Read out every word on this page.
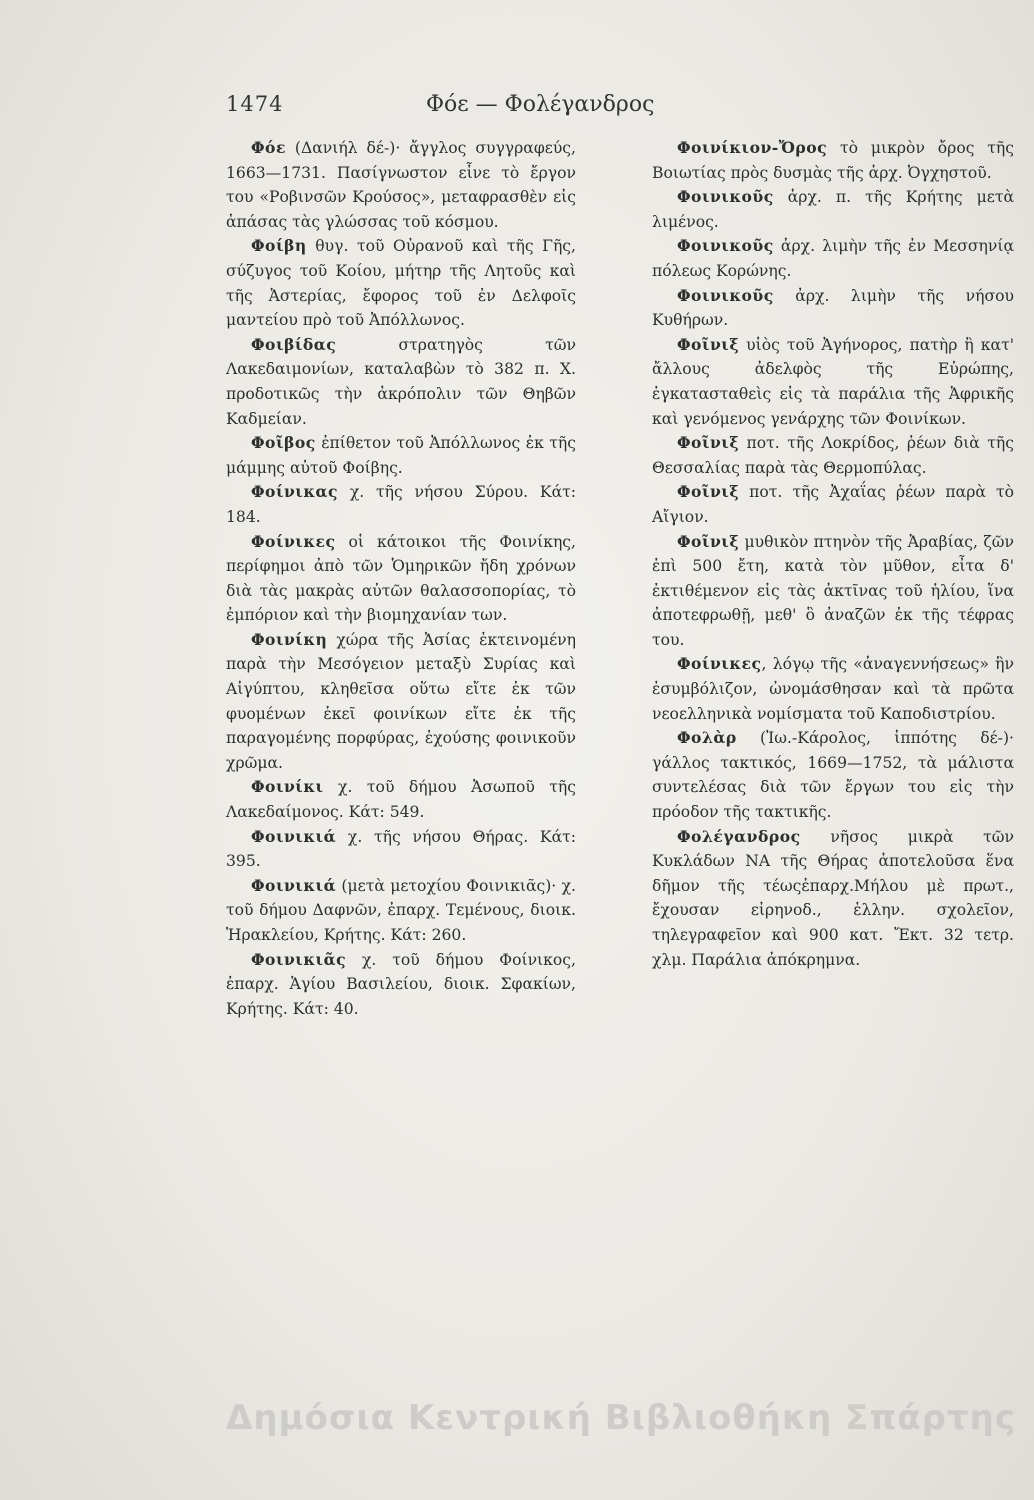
1474	Φόε — Φολέγανδρος

Φόε (Δανιήλ δέ-)· ἄγγλος συγγραφεύς, 1663—1731. Πασίγνωστον εἶνε τὸ ἔργον του «Ροβινσῶν Κρούσος», μεταφρασθὲν εἰς ἁπάσας τὰς γλώσσας τοῦ κόσμου.

Φοίβη θυγ. τοῦ Οὐρανοῦ καὶ τῆς Γῆς, σύζυγος τοῦ Κοίου, μήτηρ τῆς Λητοῦς καὶ τῆς Ἀστερίας, ἔφορος τοῦ ἐν Δελφοῖς μαντείου πρὸ τοῦ Ἀπόλλωνος.

Φοιβίδας στρατηγὸς τῶν Λακεδαιμονίων, καταλαβὼν τὸ 382 π. Χ. προδοτικῶς τὴν ἀκρόπολιν τῶν Θηβῶν Καδμείαν.

Φοῖβος ἐπίθετον τοῦ Ἀπόλλωνος ἐκ τῆς μάμμης αὐτοῦ Φοίβης.

Φοίνικας χ. τῆς νήσου Σύρου. Κάτ: 184.

Φοίνικες οἱ κάτοικοι τῆς Φοινίκης, περίφημοι ἀπὸ τῶν Ὁμηρικῶν ἤδη χρόνων διὰ τὰς μακρὰς αὐτῶν θαλασσοπορίας, τὸ ἐμπόριον καὶ τὴν βιομηχανίαν των.

Φοινίκη χώρα τῆς Ἀσίας ἐκτεινομένη παρὰ τὴν Μεσόγειον μεταξὺ Συρίας καὶ Αἰγύπτου, κληθεῖσα οὕτω εἴτε ἐκ τῶν φυομένων ἐκεῖ φοινίκων εἴτε ἐκ τῆς παραγομένης πορφύρας, ἐχούσης φοινικοῦν χρῶμα.

Φοινίκι χ. τοῦ δήμου Ἀσωποῦ τῆς Λακεδαίμονος. Κάτ: 549.

Φοινικιά χ. τῆς νήσου Θήρας. Κάτ: 395.

Φοινικιά (μετὰ μετοχίου Φοινικιᾶς)· χ. τοῦ δήμου Δαφνῶν, ἐπαρχ. Τεμένους, διοικ. Ἡρακλείου, Κρήτης. Κάτ: 260.

Φοινικιᾶς χ. τοῦ δήμου Φοίνικος, ἐπαρχ. Ἁγίου Βασιλείου, διοικ. Σφακίων, Κρήτης. Κάτ: 40.

Φοινίκιον-Ὄρος τὸ μικρὸν ὄρος τῆς Βοιωτίας πρὸς δυσμὰς τῆς ἀρχ. Ὀγχηστοῦ.

Φοινικοῦς ἀρχ. π. τῆς Κρήτης μετὰ λιμένος.

Φοινικοῦς ἀρχ. λιμὴν τῆς ἐν Μεσσηνίᾳ πόλεως Κορώνης.

Φοινικοῦς ἀρχ. λιμὴν τῆς νήσου Κυθήρων.

Φοῖνιξ υἱὸς τοῦ Ἀγήνορος, πατὴρ ἢ κατ' ἄλλους ἀδελφὸς τῆς Εὐρώπης, ἐγκατασταθεὶς εἰς τὰ παράλια τῆς Ἀφρικῆς καὶ γενόμενος γενάρχης τῶν Φοινίκων.

Φοῖνιξ ποτ. τῆς Λοκρίδος, ῥέων διὰ τῆς Θεσσαλίας παρὰ τὰς Θερμοπύλας.

Φοῖνιξ ποτ. τῆς Ἀχαΐας ῥέων παρὰ τὸ Αἴγιον.

Φοῖνιξ μυθικὸν πτηνὸν τῆς Ἀραβίας, ζῶν ἐπὶ 500 ἔτη, κατὰ τὸν μῦθον, εἶτα δ' ἐκτιθέμενον εἰς τὰς ἀκτῖνας τοῦ ἡλίου, ἵνα ἀποτεφρωθῇ, μεθ' ὃ ἀναζῶν ἐκ τῆς τέφρας του.

Φοίνικες, λόγῳ τῆς «ἀναγεννήσεως» ἣν ἐσυμβόλιζον, ὠνομάσθησαν καὶ τὰ πρῶτα νεοελληνικὰ νομίσματα τοῦ Καποδιστρίου.

Φολὰρ (Ἰω.-Κάρολος, ἱππότης δέ-)· γάλλος τακτικός, 1669—1752, τὰ μάλιστα συντελέσας διὰ τῶν ἔργων του εἰς τὴν πρόοδον τῆς τακτικῆς.

Φολέγανδρος νῆσος μικρὰ τῶν Κυκλάδων ΝΑ τῆς Θήρας ἀποτελοῦσα ἕνα δῆμον τῆς τέωςἐπαρχ.Μήλου μὲ πρωτ., ἔχουσαν εἰρηνοδ., ἑλλην. σχολεῖον, τηλεγραφεῖον καὶ 900 κατ. Ἔκτ. 32 τετρ. χλμ. Παράλια ἀπόκρημνα.

Δημόσια Κεντρική Βιβλιοθήκη Σπάρτης
